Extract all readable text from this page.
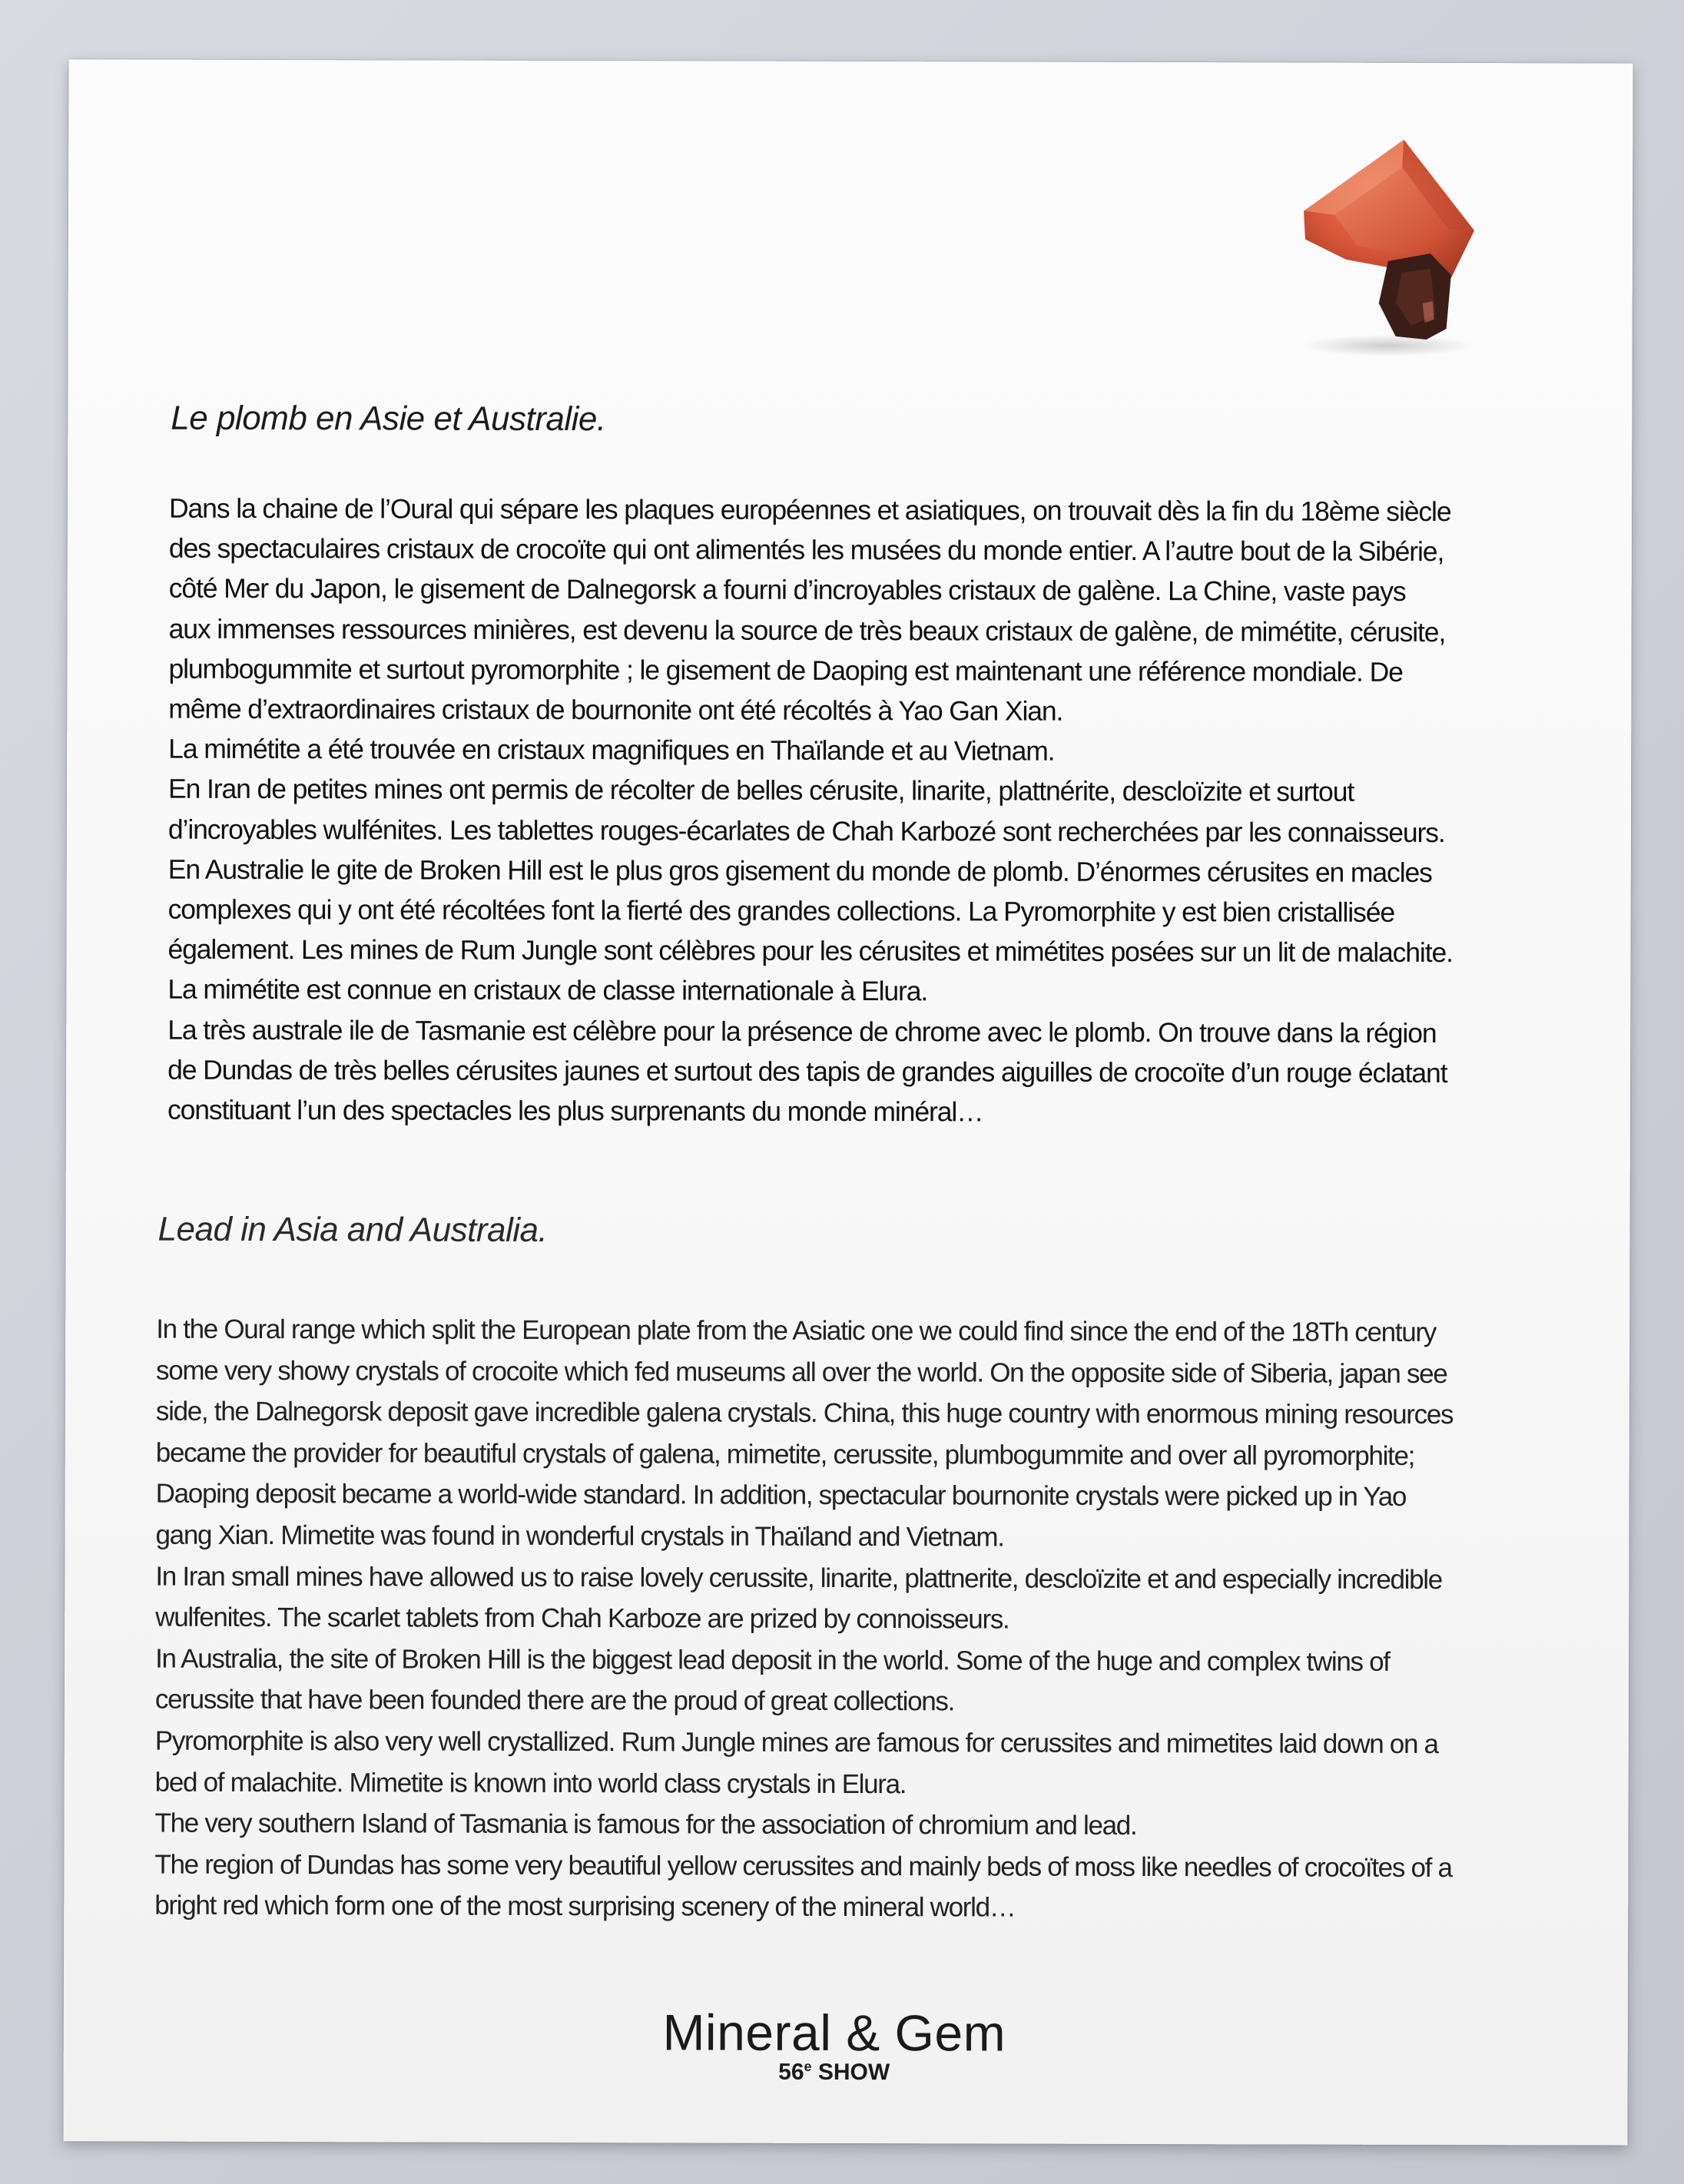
Le plomb en Asie et Australie.

Dans la chaine de l’Oural qui sépare les plaques européennes et asiatiques, on trouvait dès la fin du 18ème siècle

des spectaculaires cristaux de crocoïte qui ont alimentés les musées du monde entier. A l’autre bout de la Sibérie,

côté Mer du Japon, le gisement de Dalnegorsk a fourni d’incroyables cristaux de galène. La Chine, vaste pays

aux immenses ressources minières, est devenu la source de très beaux cristaux de galène, de mimétite, cérusite,

plumbogummite et surtout pyromorphite ; le gisement de Daoping est maintenant une référence mondiale. De

même d’extraordinaires cristaux de bournonite ont été récoltés à Yao Gan Xian.

La mimétite a été trouvée en cristaux magnifiques en Thaïlande et au Vietnam.

En Iran de petites mines ont permis de récolter de belles cérusite, linarite, plattnérite, descloïzite et surtout

d’incroyables wulfénites. Les tablettes rouges-écarlates de Chah Karbozé sont recherchées par les connaisseurs.

En Australie le gite de Broken Hill est le plus gros gisement du monde de plomb. D’énormes cérusites en macles

complexes qui y ont été récoltées font la fierté des grandes collections. La Pyromorphite y est bien cristallisée

également. Les mines de Rum Jungle sont célèbres pour les cérusites et mimétites posées sur un lit de malachite.

La mimétite est connue en cristaux de classe internationale à Elura.

La très australe ile de Tasmanie est célèbre pour la présence de chrome avec le plomb. On trouve dans la région

de Dundas de très belles cérusites jaunes et surtout des tapis de grandes aiguilles de crocoïte d’un rouge éclatant

constituant l’un des spectacles les plus surprenants du monde minéral…

Lead in Asia and Australia.

In the Oural range which split the European plate from the Asiatic one we could find since the end of the 18Th century

some very showy crystals of crocoite which fed museums all over the world. On the opposite side of Siberia, japan see

side, the Dalnegorsk deposit gave incredible galena crystals. China, this huge country with enormous mining resources

became the provider for beautiful crystals of galena, mimetite, cerussite, plumbogummite and over all pyromorphite;

Daoping deposit became a world-wide standard. In addition, spectacular bournonite crystals were picked up in Yao

gang Xian. Mimetite was found in wonderful crystals in Thaïland and Vietnam.

In Iran small mines have allowed us to raise lovely cerussite, linarite, plattnerite, descloïzite et and especially incredible

wulfenites. The scarlet tablets from Chah Karboze are prized by connoisseurs.

In Australia, the site of Broken Hill is the biggest lead deposit in the world. Some of the huge and complex twins of

cerussite that have been founded there are the proud of great collections.

Pyromorphite is also very well crystallized. Rum Jungle mines are famous for cerussites and mimetites laid down on a

bed of malachite. Mimetite is known into world class crystals in Elura.

The very southern Island of Tasmania is famous for the association of chromium and lead.

The region of Dundas has some very beautiful yellow cerussites and mainly beds of moss like needles of crocoïtes of a

bright red which form one of the most surprising scenery of the mineral world…

Mineral & Gem
56e SHOW
